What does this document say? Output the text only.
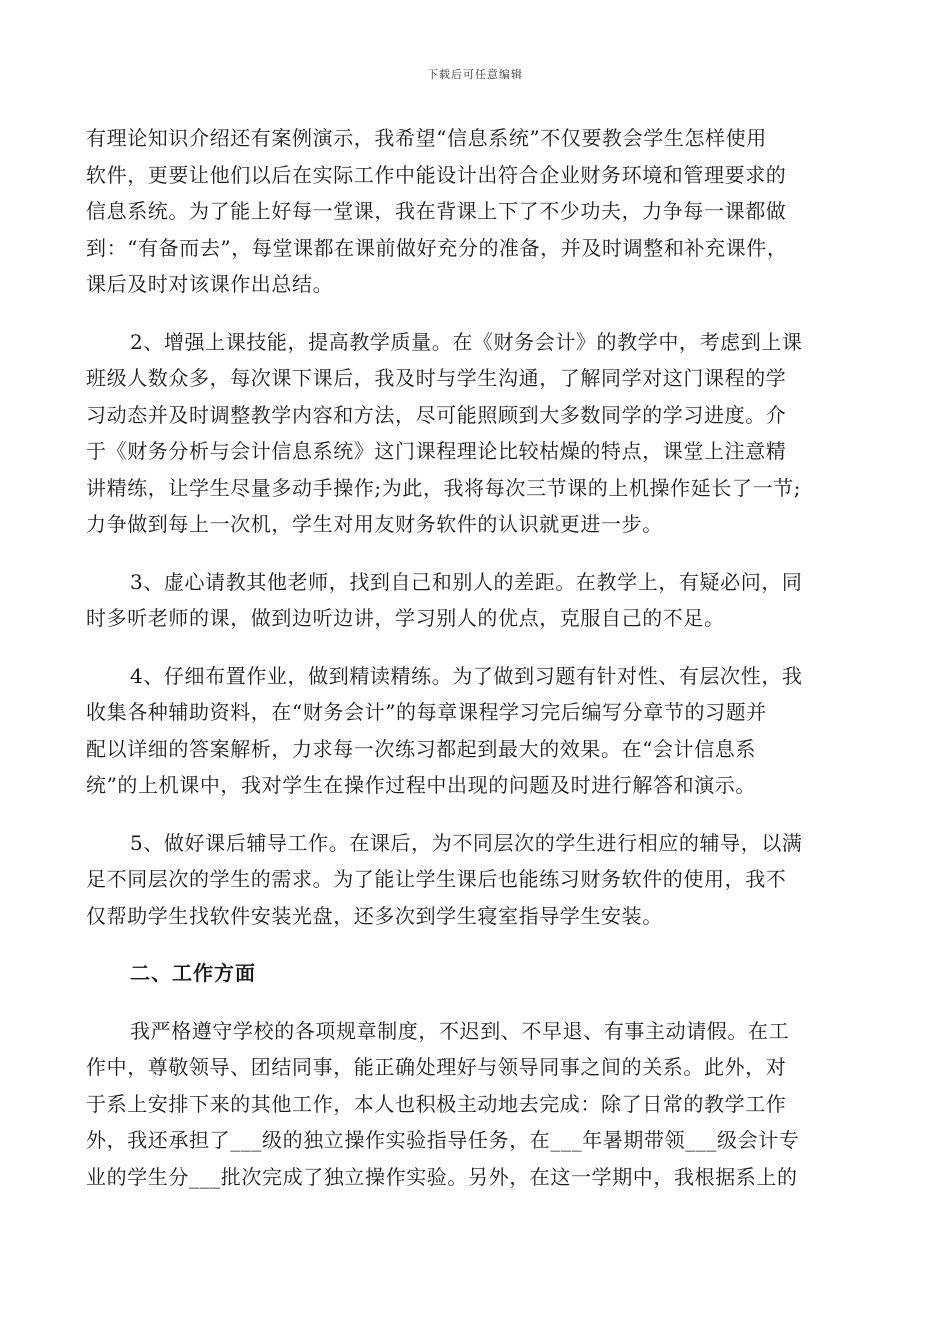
下载后可任意编辑
有理论知识介绍还有案例演示，我希望“信息系统”不仅要教会学生怎样使用
软件，更要让他们以后在实际工作中能设计出符合企业财务环境和管理要求的
信息系统。为了能上好每一堂课，我在背课上下了不少功夫，力争每一课都做
到：“有备而去”，每堂课都在课前做好充分的准备，并及时调整和补充课件，
课后及时对该课作出总结。
2、增强上课技能，提高教学质量。在《财务会计》的教学中，考虑到上课
班级人数众多，每次课下课后，我及时与学生沟通，了解同学对这门课程的学
习动态并及时调整教学内容和方法，尽可能照顾到大多数同学的学习进度。介
于《财务分析与会计信息系统》这门课程理论比较枯燥的特点，课堂上注意精
讲精练，让学生尽量多动手操作;为此，我将每次三节课的上机操作延长了一节;
力争做到每上一次机，学生对用友财务软件的认识就更进一步。
3、虚心请教其他老师，找到自己和别人的差距。在教学上，有疑必问，同
时多听老师的课，做到边听边讲，学习别人的优点，克服自己的不足。
4、仔细布置作业，做到精读精练。为了做到习题有针对性、有层次性，我
收集各种辅助资料，在“财务会计”的每章课程学习完后编写分章节的习题并
配以详细的答案解析，力求每一次练习都起到最大的效果。在“会计信息系
统”的上机课中，我对学生在操作过程中出现的问题及时进行解答和演示。
5、做好课后辅导工作。在课后，为不同层次的学生进行相应的辅导，以满
足不同层次的学生的需求。为了能让学生课后也能练习财务软件的使用，我不
仅帮助学生找软件安装光盘，还多次到学生寝室指导学生安装。
二、工作方面
我严格遵守学校的各项规章制度，不迟到、不早退、有事主动请假。在工
作中，尊敬领导、团结同事，能正确处理好与领导同事之间的关系。此外，对
于系上安排下来的其他工作，本人也积极主动地去完成：除了日常的教学工作
外，我还承担了___级的独立操作实验指导任务，在___年暑期带领___级会计专
业的学生分___批次完成了独立操作实验。另外，在这一学期中，我根据系上的
